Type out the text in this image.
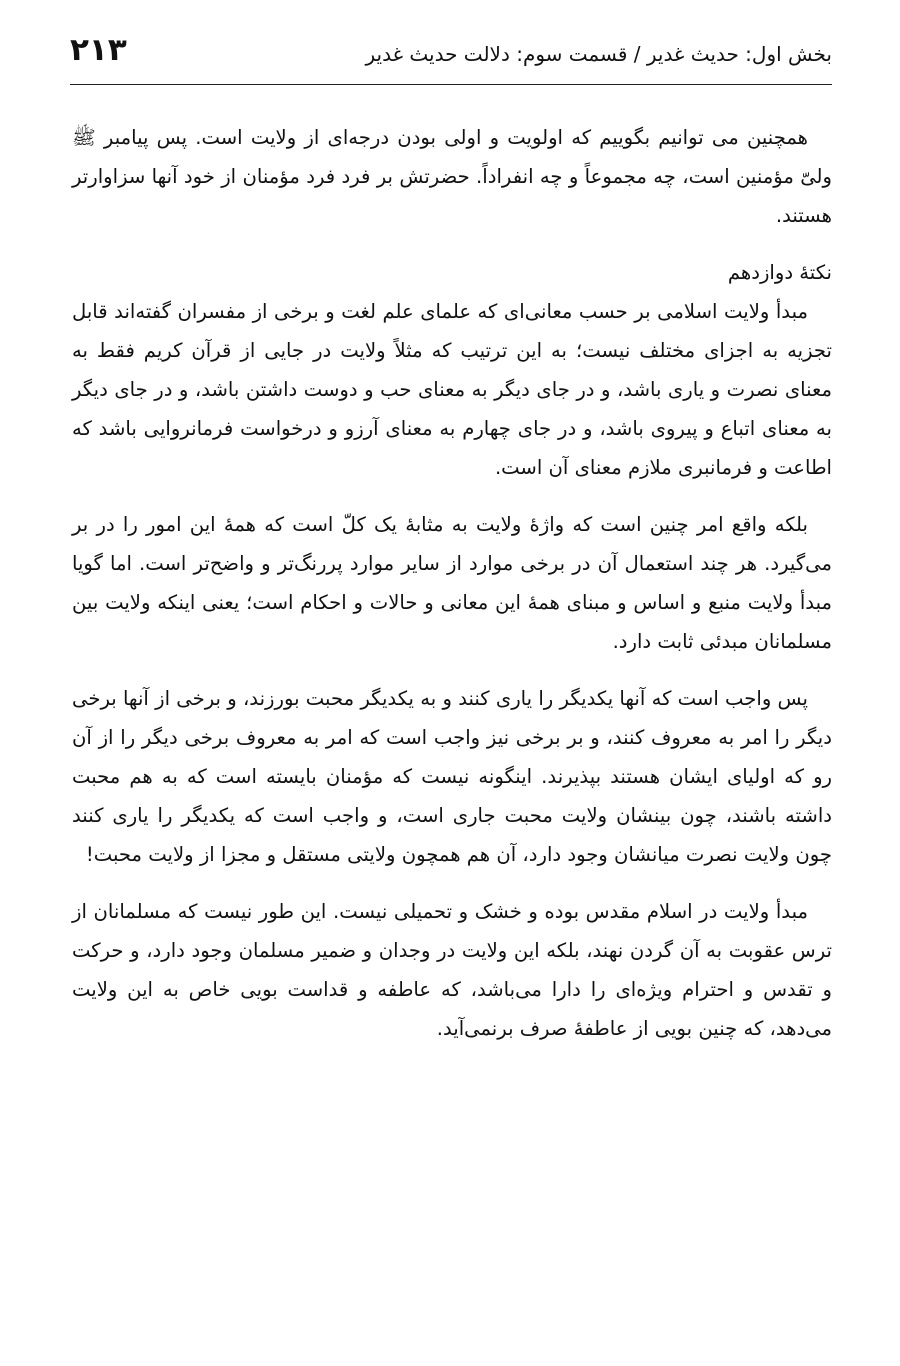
بخش اول: حدیث غدیر / قسمت سوم: دلالت حدیث غدیر
۲۱۳

همچنین می توانیم بگوییم که اولویت و اولی بودن درجه‌ای از ولایت است. پس پیامبر ﷺ ولیّ مؤمنین است، چه مجموعاً و چه انفراداً. حضرتش بر فرد فرد مؤمنان از خود آنها سزاوارتر هستند.

نکتهٔ دوازدهم

مبدأ ولایت اسلامی بر حسب معانی‌ای که علمای علم لغت و برخی از مفسران گفته‌اند قابل تجزیه به اجزای مختلف نیست؛ به این ترتیب که مثلاً ولایت در جایی از قرآن کریم فقط به معنای نصرت و یاری باشد، و در جای دیگر به معنای حب و دوست داشتن باشد، و در جای دیگر به معنای اتباع و پیروی باشد، و در جای چهارم به معنای آرزو و درخواست فرمانروایی باشد که اطاعت و فرمانبری ملازم معنای آن است.

بلکه واقع امر چنین است که واژهٔ ولایت به مثابهٔ یک کلّ است که همهٔ این امور را در بر می‌گیرد. هر چند استعمال آن در برخی موارد از سایر موارد پررنگ‌تر و واضح‌تر است. اما گویا مبدأ ولایت منبع و اساس و مبنای همهٔ این معانی و حالات و احکام است؛ یعنی اینکه ولایت بین مسلمانان مبدئی ثابت دارد.

پس واجب است که آنها یکدیگر را یاری کنند و به یکدیگر محبت بورزند، و برخی از آنها برخی دیگر را امر به معروف کنند، و بر برخی نیز واجب است که امر به معروف برخی دیگر را از آن رو که اولیای ایشان هستند بپذیرند. اینگونه نیست که مؤمنان بایسته است که به هم محبت داشته باشند، چون بینشان ولایت محبت جاری است، و واجب است که یکدیگر را یاری کنند چون ولایت نصرت میانشان وجود دارد، آن هم همچون ولایتی مستقل و مجزا از ولایت محبت!

مبدأ ولایت در اسلام مقدس بوده و خشک و تحمیلی نیست. این طور نیست که مسلمانان از ترس عقوبت به آن گردن نهند، بلکه این ولایت در وجدان و ضمیر مسلمان وجود دارد، و حرکت و تقدس و احترام ویژه‌ای را دارا می‌باشد، که عاطفه و قداست بویی خاص به این ولایت می‌دهد، که چنین بویی از عاطفهٔ صرف برنمی‌آید.
